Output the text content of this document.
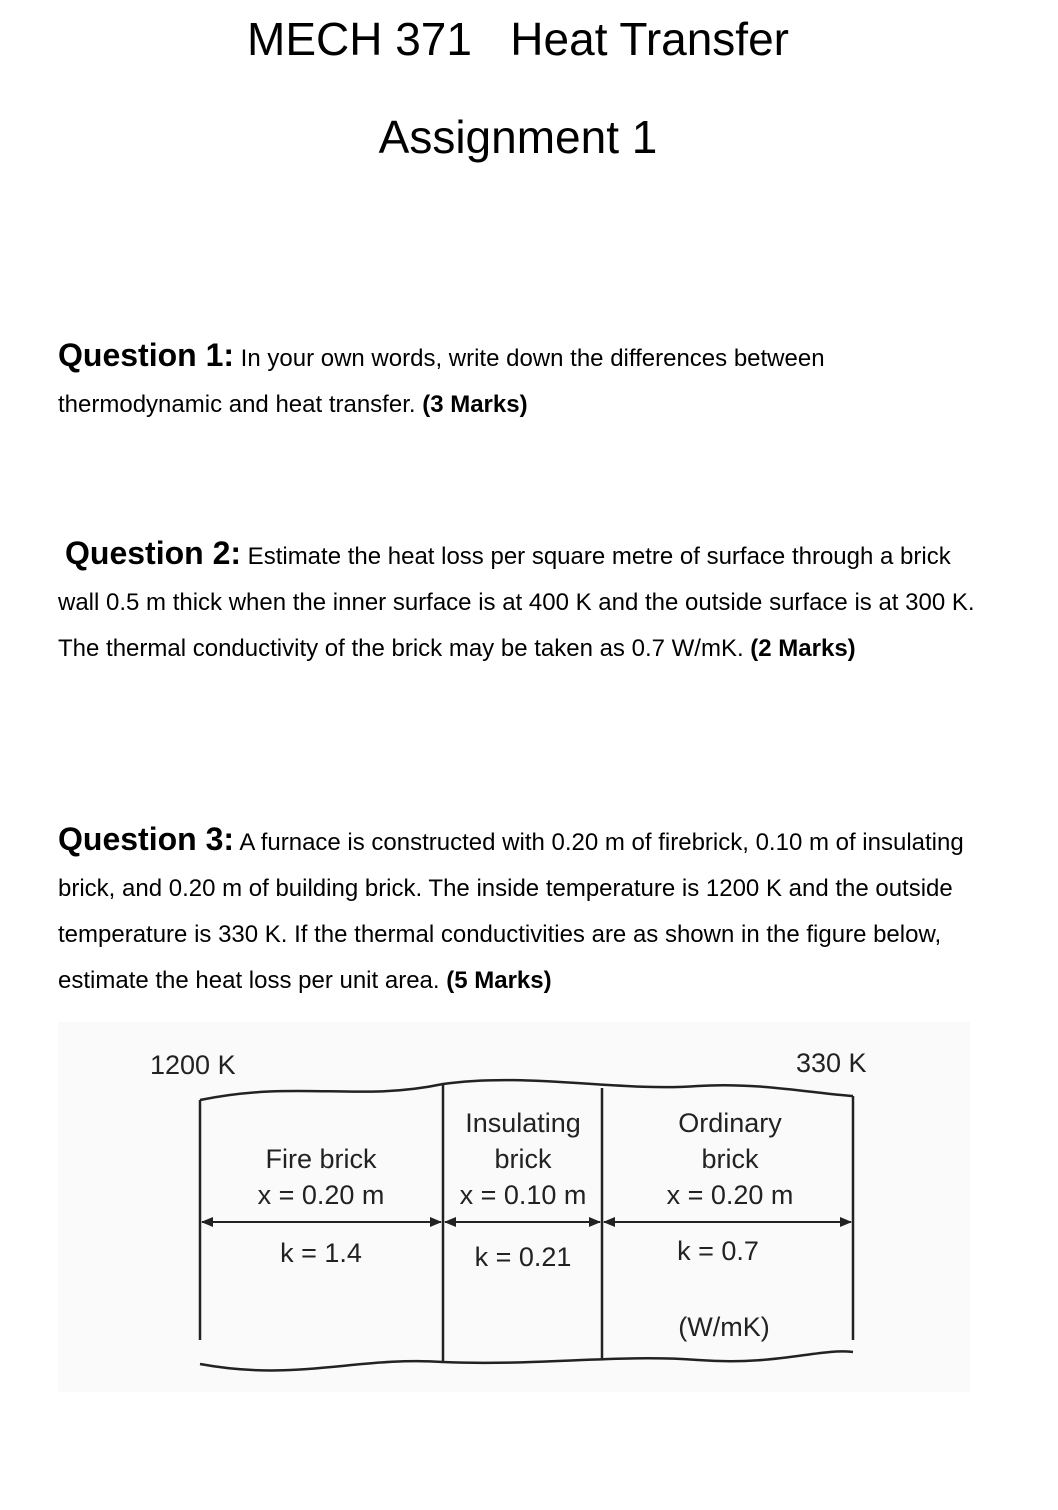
MECH 371   Heat Transfer
Assignment 1
Question 1: In your own words, write down the differences between thermodynamic and heat transfer. (3 Marks)
Question 2: Estimate the heat loss per square metre of surface through a brick wall 0.5 m thick when the inner surface is at 400 K and the outside surface is at 300 K. The thermal conductivity of the brick may be taken as 0.7 W/mK. (2 Marks)
Question 3: A furnace is constructed with 0.20 m of firebrick, 0.10 m of insulating brick, and 0.20 m of building brick. The inside temperature is 1200 K and the outside temperature is 330 K. If the thermal conductivities are as shown in the figure below, estimate the heat loss per unit area. (5 Marks)
1200 K	330 K
Fire brick
x = 0.20 m
k = 1.4
Insulating
brick
x = 0.10 m
k = 0.21
Ordinary
brick
x = 0.20 m
k = 0.7
(W/mK)
